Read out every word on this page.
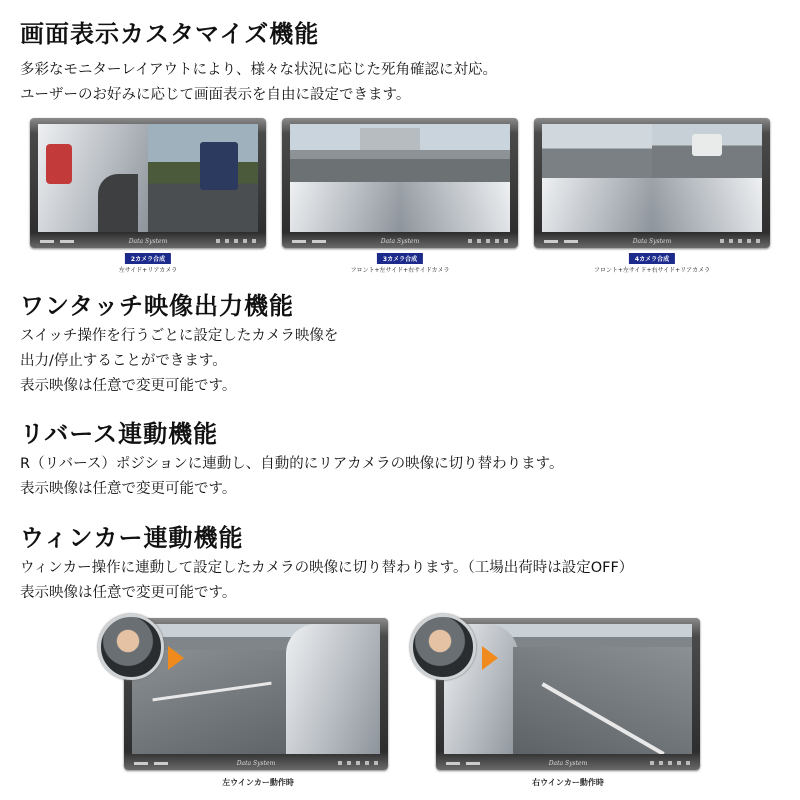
画面表示カスタマイズ機能
多彩なモニターレイアウトにより、様々な状況に応じた死角確認に対応。
ユーザーのお好みに応じて画面表示を自由に設定できます。
Data System
2カメラ合成
左サイド+リアカメラ
Data System
3カメラ合成
フロント+左サイド+右サイドカメラ
Data System
4カメラ合成
フロント+左サイド+右サイド+リアカメラ
ワンタッチ映像出力機能
スイッチ操作を行うごとに設定したカメラ映像を
出力/停止することができます。
表示映像は任意で変更可能です。
リバース連動機能
R（リバース）ポジションに連動し、自動的にリアカメラの映像に切り替わります。
表示映像は任意で変更可能です。
ウィンカー連動機能
ウィンカー操作に連動して設定したカメラの映像に切り替わります。（工場出荷時は設定OFF）
表示映像は任意で変更可能です。
Data System
左ウインカー動作時
Data System
右ウインカー動作時
